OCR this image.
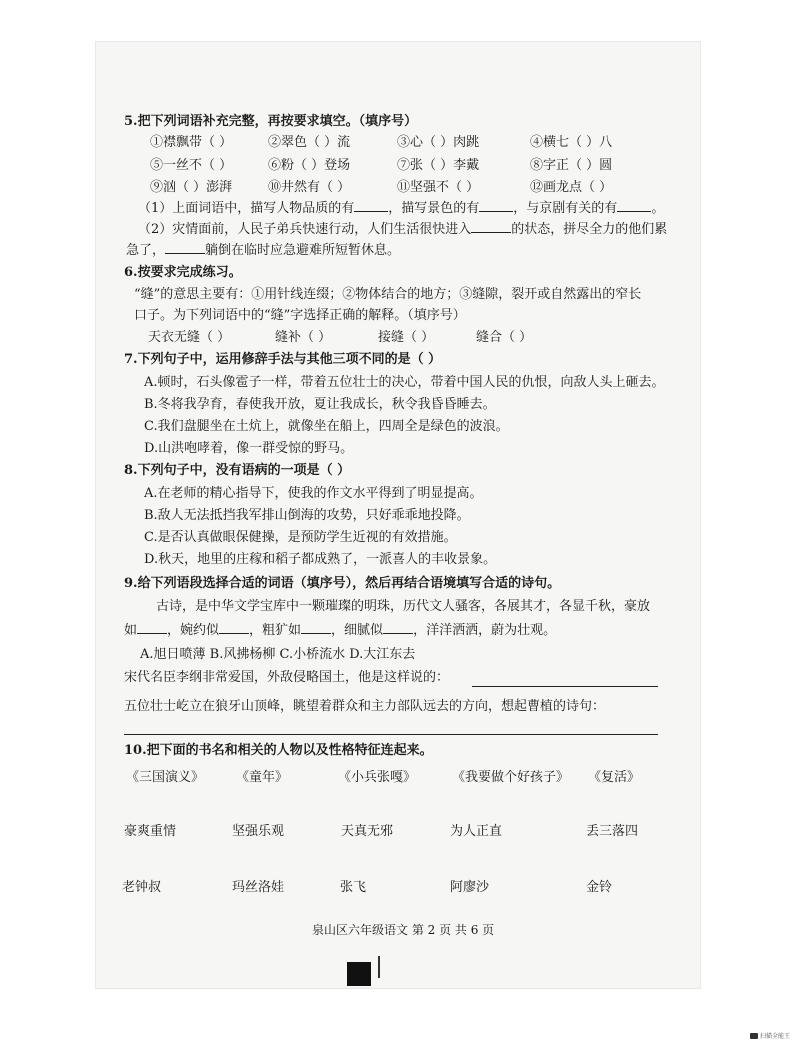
5.把下列词语补充完整，再按要求填空。（填序号）
①襟飘带（ ）	②翠色（ ）流	③心（ ）肉跳	④横七（ ）八
⑤一丝不（ ）	⑥粉（ ）登场	⑦张（ ）李戴	⑧字正（ ）圆
⑨汹（ ）澎湃	⑩井然有（ ）	⑪坚强不（ ）	⑫画龙点（ ）
（1）上面词语中，描写人物品质的有	，描写景色的有	，与京剧有关的有	。
（2）灾情面前，人民子弟兵快速行动，人们生活很快进入	的状态，拼尽全力的他们累
急了，	躺倒在临时应急避难所短暂休息。
6.按要求完成练习。
“缝”的意思主要有：①用针线连缀；②物体结合的地方；③缝隙，裂开或自然露出的窄长
口子。为下列词语中的“缝”字选择正确的解释。（填序号）
天衣无缝（ ）	缝补（ ）	接缝（ ）	缝合（ ）
7.下列句子中，运用修辞手法与其他三项不同的是（ ）
A.顿时，石头像雹子一样，带着五位壮士的决心，带着中国人民的仇恨，向敌人头上砸去。
B.冬将我孕育，春使我开放，夏让我成长，秋令我昏昏睡去。
C.我们盘腿坐在土炕上，就像坐在船上，四周全是绿色的波浪。
D.山洪咆哮着，像一群受惊的野马。
8.下列句子中，没有语病的一项是（ ）
A.在老师的精心指导下，使我的作文水平得到了明显提高。
B.敌人无法抵挡我军排山倒海的攻势，只好乖乖地投降。
C.是否认真做眼保健操，是预防学生近视的有效措施。
D.秋天，地里的庄稼和稻子都成熟了，一派喜人的丰收景象。
9.给下列语段选择合适的词语（填序号），然后再结合语境填写合适的诗句。
古诗，是中华文学宝库中一颗璀璨的明珠，历代文人骚客，各展其才，各显千秋，豪放
如 ，婉约似 ，粗犷如 ，细腻似 ，洋洋洒洒，蔚为壮观。
A.旭日喷薄 B.风拂杨柳 C.小桥流水 D.大江东去
宋代名臣李纲非常爱国，外敌侵略国土，他是这样说的：
五位壮士屹立在狼牙山顶峰，眺望着群众和主力部队远去的方向，想起曹植的诗句：
10.把下面的书名和相关的人物以及性格特征连起来。
《三国演义》 《童年》	《小兵张嘎》	《我要做个好孩子》 《复活》
豪爽重情	坚强乐观	天真无邪	为人正直	丢三落四
老钟叔	玛丝洛娃	张飞	阿廖沙	金铃
泉山区六年级语文 第 2 页 共 6 页
扫描全能王
